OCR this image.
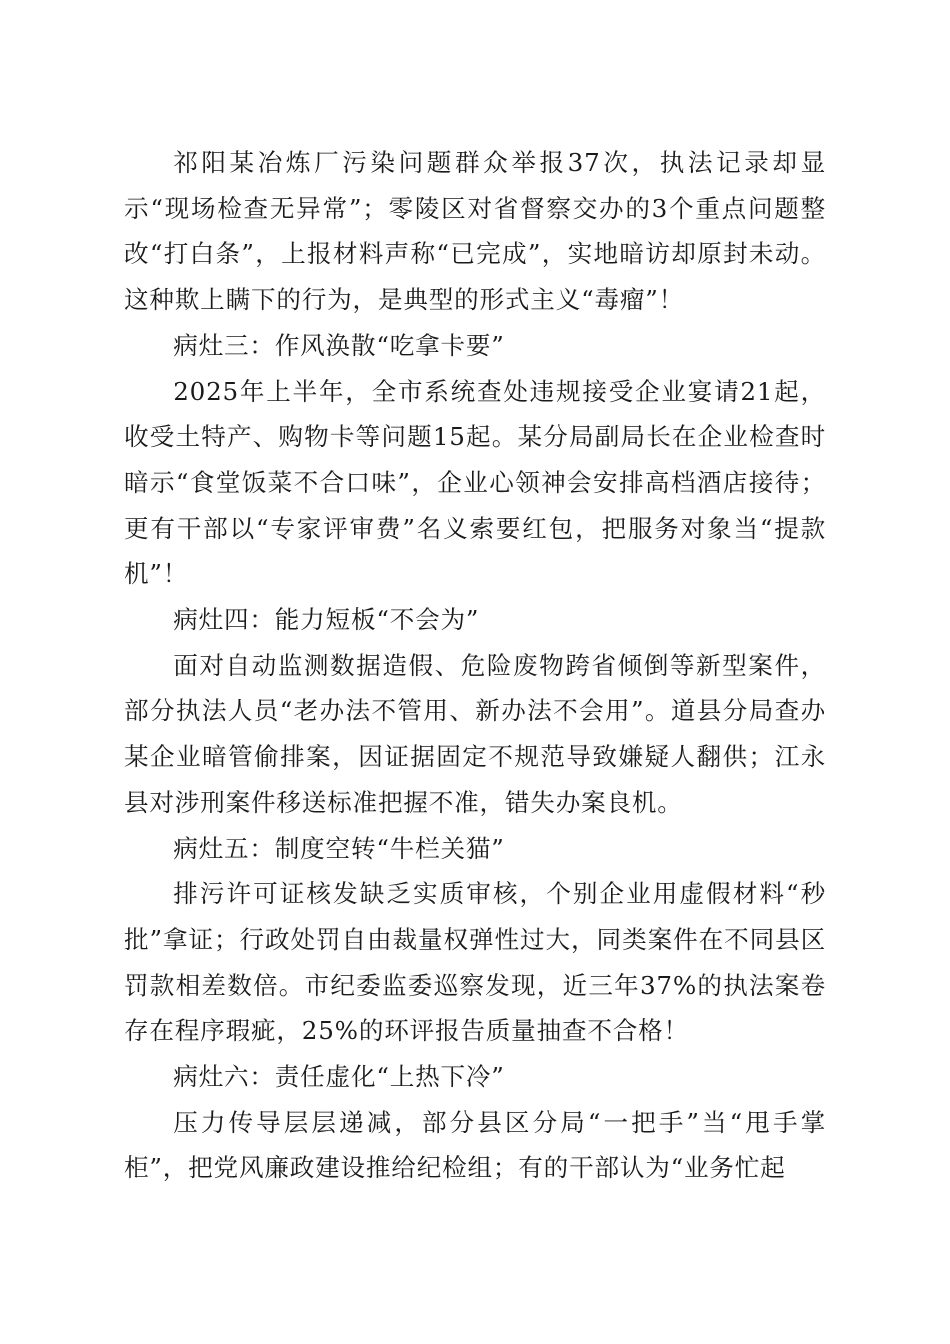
祁阳某冶炼厂污染问题群众举报37次，执法记录却显示“现场检查无异常”；零陵区对省督察交办的3个重点问题整改“打白条”，上报材料声称“已完成”，实地暗访却原封未动。这种欺上瞒下的行为，是典型的形式主义“毒瘤”！

病灶三：作风涣散“吃拿卡要”

2025年上半年，全市系统查处违规接受企业宴请21起，收受土特产、购物卡等问题15起。某分局副局长在企业检查时暗示“食堂饭菜不合口味”，企业心领神会安排高档酒店接待；更有干部以“专家评审费”名义索要红包，把服务对象当“提款机”！

病灶四：能力短板“不会为”

面对自动监测数据造假、危险废物跨省倾倒等新型案件，部分执法人员“老办法不管用、新办法不会用”。道县分局查办某企业暗管偷排案，因证据固定不规范导致嫌疑人翻供；江永县对涉刑案件移送标准把握不准，错失办案良机。

病灶五：制度空转“牛栏关猫”

排污许可证核发缺乏实质审核，个别企业用虚假材料“秒批”拿证；行政处罚自由裁量权弹性过大，同类案件在不同县区罚款相差数倍。市纪委监委巡察发现，近三年37%的执法案卷存在程序瑕疵，25%的环评报告质量抽查不合格！

病灶六：责任虚化“上热下冷”

压力传导层层递减，部分县区分局“一把手”当“甩手掌柜”，把党风廉政建设推给纪检组；有的干部认为“业务忙起
